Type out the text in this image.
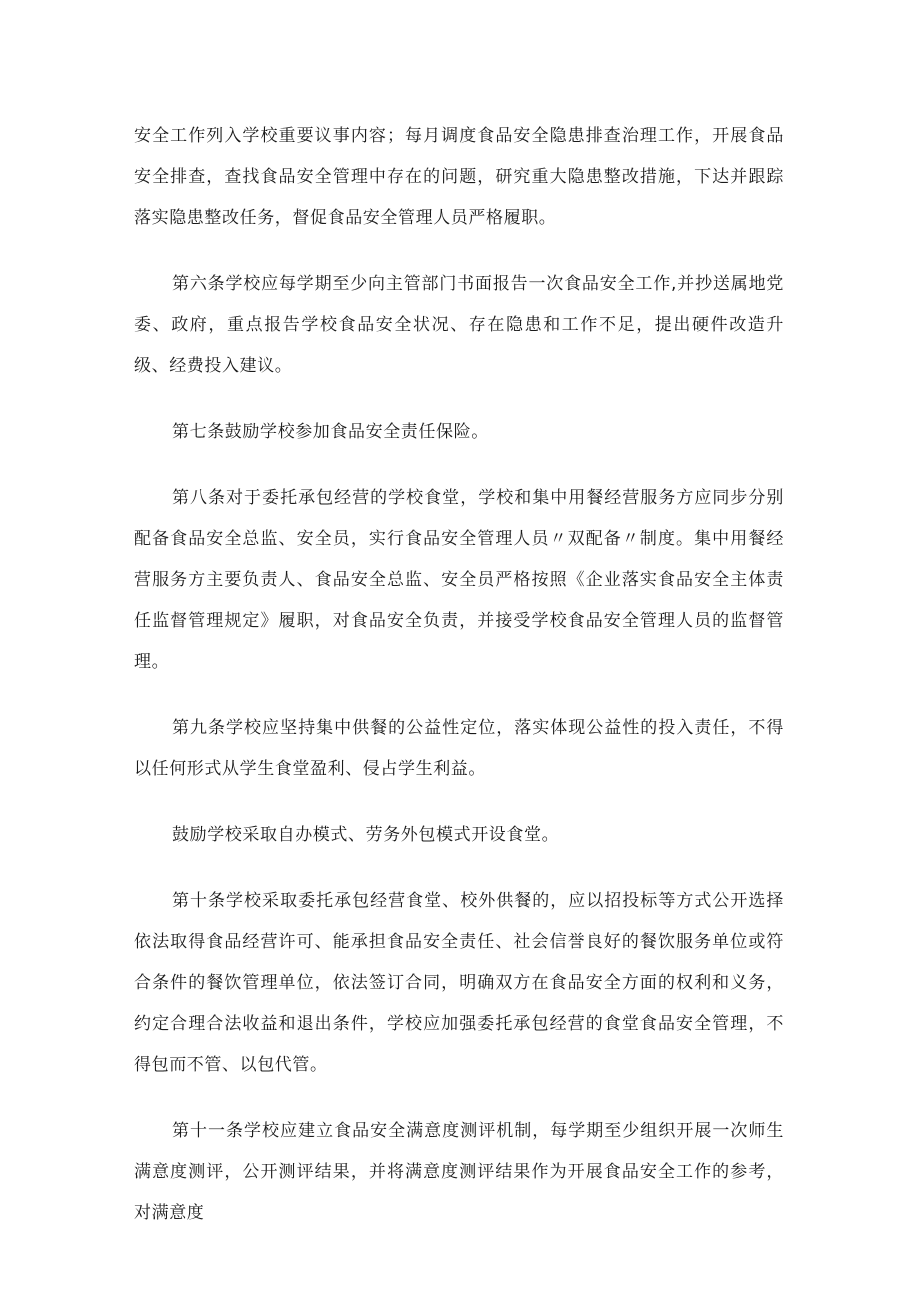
安全工作列入学校重要议事内容；每月调度食品安全隐患排查治理工作，开展食品安全排查，查找食品安全管理中存在的问题，研究重大隐患整改措施，下达并跟踪落实隐患整改任务，督促食品安全管理人员严格履职。

第六条学校应每学期至少向主管部门书面报告一次食品安全工作,并抄送属地党委、政府，重点报告学校食品安全状况、存在隐患和工作不足，提出硬件改造升级、经费投入建议。

第七条鼓励学校参加食品安全责任保险。

第八条对于委托承包经营的学校食堂，学校和集中用餐经营服务方应同步分别配备食品安全总监、安全员，实行食品安全管理人员〃双配备〃制度。集中用餐经营服务方主要负责人、食品安全总监、安全员严格按照《企业落实食品安全主体责任监督管理规定》履职，对食品安全负责，并接受学校食品安全管理人员的监督管理。

第九条学校应坚持集中供餐的公益性定位，落实体现公益性的投入责任，不得以任何形式从学生食堂盈利、侵占学生利益。

鼓励学校采取自办模式、劳务外包模式开设食堂。

第十条学校采取委托承包经营食堂、校外供餐的，应以招投标等方式公开选择依法取得食品经营许可、能承担食品安全责任、社会信誉良好的餐饮服务单位或符合条件的餐饮管理单位，依法签订合同，明确双方在食品安全方面的权利和义务，约定合理合法收益和退出条件，学校应加强委托承包经营的食堂食品安全管理，不得包而不管、以包代管。

第十一条学校应建立食品安全满意度测评机制，每学期至少组织开展一次师生满意度测评，公开测评结果，并将满意度测评结果作为开展食品安全工作的参考，对满意度
